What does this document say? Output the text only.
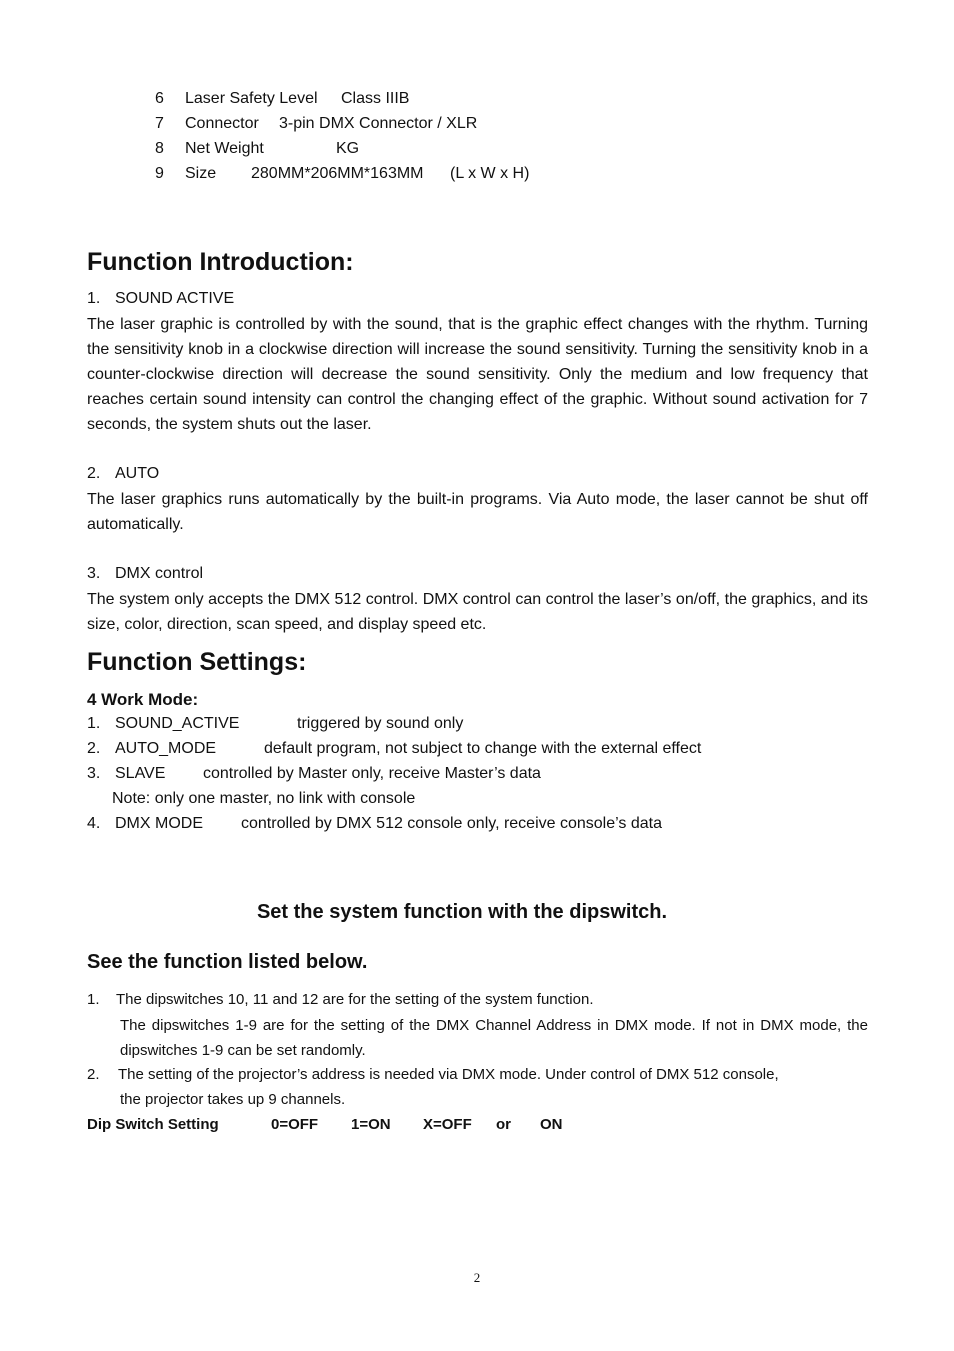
6 Laser Safety Level Class IIIB
7 Connector 3-pin DMX Connector / XLR
8 Net Weight	KG
9 Size 280MM*206MM*163MM (L x W x H)
Function Introduction:
1. SOUND ACTIVE
The laser graphic is controlled by with the sound, that is the graphic effect changes with the rhythm. Turning the sensitivity knob in a clockwise direction will increase the sound sensitivity. Turning the sensitivity knob in a counter-clockwise direction will decrease the sound sensitivity. Only the medium and low frequency that reaches certain sound intensity can control the changing effect of the graphic. Without sound activation for 7 seconds, the system shuts out the laser.
2. AUTO
The laser graphics runs automatically by the built-in programs. Via Auto mode, the laser cannot be shut off automatically.
3. DMX control
The system only accepts the DMX 512 control. DMX control can control the laser’s on/off, the graphics, and its size, color, direction, scan speed, and display speed etc.
Function Settings:
4 Work Mode:
1. SOUND_ACTIVE	triggered by sound only
2. AUTO_MODE	default program, not subject to change with the external effect
3. SLAVE controlled by Master only, receive Master’s data
Note: only one master, no link with console
4. DMX MODE controlled by DMX 512 console only, receive console’s data
Set the system function with the dipswitch.
See the function listed below.
1. The dipswitches 10, 11 and 12 are for the setting of the system function.
The dipswitches 1-9 are for the setting of the DMX Channel Address in DMX mode. If not in DMX mode, the dipswitches 1-9 can be set randomly.
2. The setting of the projector’s address is needed via DMX mode. Under control of DMX 512 console,
the projector takes up 9 channels.
Dip Switch Setting	0=OFF 1=ON X=OFF or ON
2
